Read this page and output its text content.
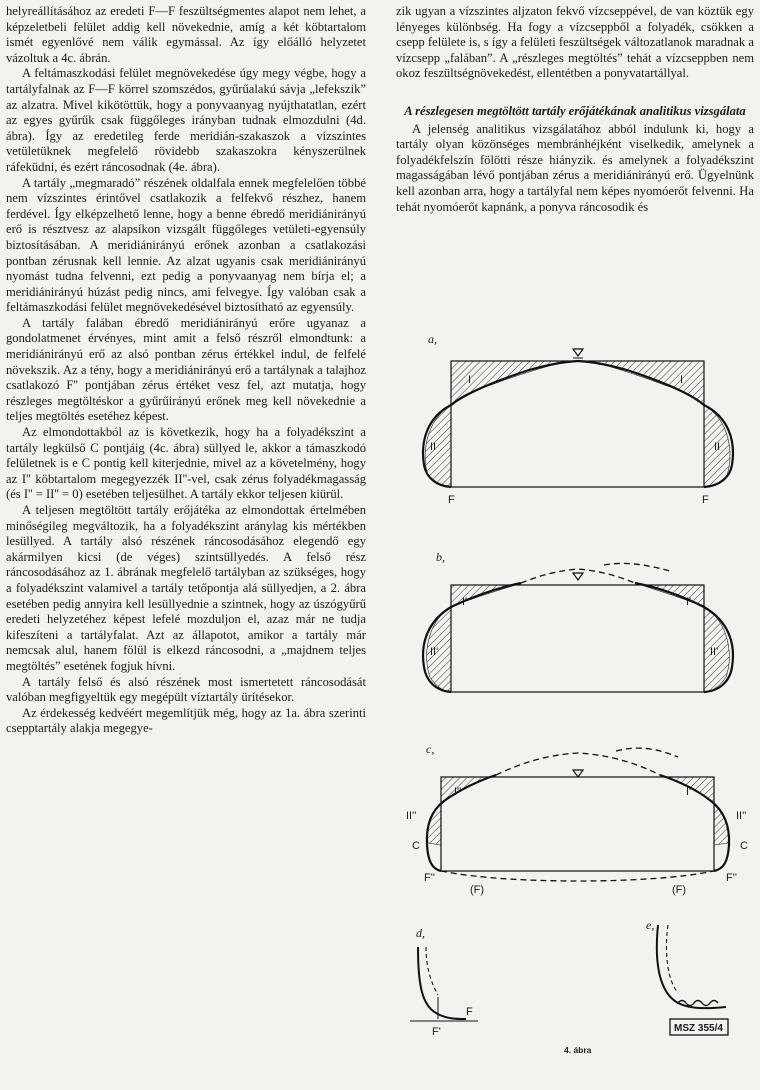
helyreállításához az eredeti F—F feszültségmentes alapot nem lehet, a képzeletbeli felület addig kell növekednie, amíg a két köbtartalom ismét egyenlővé nem válik egymással. Az így előálló helyzetet vázoltuk a 4c. ábrán.

A feltámaszkodási felület megnövekedése úgy megy végbe, hogy a tartályfalnak az F—F körrel szomszédos, gyűrűalakú sávja „lefekszik” az alzatra. Mivel kikötöttük, hogy a ponyvaanyag nyújthatatlan, ezért az egyes gyűrűk csak függőleges irányban tudnak elmozdulni (4d. ábra). Így az eredetileg ferde meridián-szakaszok a vízszintes vetületüknek megfelelő rövidebb szakaszokra kényszerülnek ráfeküdni, és ezért ráncosodnak (4e. ábra).

A tartály „megmaradó” részének oldalfala ennek megfelelően többé nem vízszintes érintővel csatlakozik a felfekvő részhez, hanem ferdével. Így elképzelhető lenne, hogy a benne ébredő meridiánirányú erő is résztvesz az alapsíkon vizsgált függőleges vetületi-egyensúly biztosításában. A meridiánirányú erőnek azonban a csatlakozási pontban zérusnak kell lennie. Az alzat ugyanis csak meridiánirányú nyomást tudna felvenni, ezt pedig a ponyvaanyag nem bírja el; a meridiánirányú húzást pedig nincs, ami felvegye. Így valóban csak a feltámaszkodási felület megnövekedésével biztosítható az egyensúly.

A tartály falában ébredő meridiánirányú erőre ugyanaz a gondolatmenet érvényes, mint amit a felső részről elmondtunk: a meridiánirányú erő az alsó pontban zérus értékkel indul, de felfelé növekszik. Az a tény, hogy a meridiánirányú erő a tartálynak a talajhoz csatlakozó F'' pontjában zérus értéket vesz fel, azt mutatja, hogy részleges megtöltéskor a gyűrűirányú erőnek meg kell növekednie a teljes megtöltés esetéhez képest.

Az elmondottakból az is következik, hogy ha a folyadékszint a tartály legkülső C pontjáig (4c. ábra) süllyed le, akkor a támaszkodó felületnek is e C pontig kell kiterjednie, mivel az a követelmény, hogy az I'' köbtartalom megegyezzék II''-vel, csak zérus folyadékmagasság (és I'' = II'' = 0) esetében teljesülhet. A tartály ekkor teljesen kiürül.

A teljesen megtöltött tartály erőjátéka az elmondottak értelmében minőségileg megváltozik, ha a folyadékszint aránylag kis mértékben lesüllyed. A tartály alsó részének ráncosodásához elegendő egy akármilyen kicsi (de véges) szintsüllyedés. A felső rész ráncosodásához az 1. ábrának megfelelő tartályban az szükséges, hogy a folyadékszint valamivel a tartály tetőpontja alá süllyedjen, a 2. ábra esetében pedig annyira kell lesüllyednie a szintnek, hogy az úszógyűrű eredeti helyzetéhez képest lefelé mozduljon el, azaz már ne tudja kifeszíteni a tartályfalat. Azt az állapotot, amikor a tartály már nemcsak alul, hanem fölül is elkezd ráncosodni, a „majdnem teljes megtöltés” esetének fogjuk hívni.

A tartály felső és alsó részének most ismertetett ráncosodását valóban megfigyeltük egy megépült víztartály ürítésekor.

Az érdekesség kedvéért megemlítjük még, hogy az 1a. ábra szerinti csepptartály alakja megegye-

zik ugyan a vízszintes aljzaton fekvő vízcseppével, de van köztük egy lényeges különbség. Ha fogy a vízcseppből a folyadék, csökken a csepp felülete is, s így a felületi feszültségek változatlanok maradnak a vízcsepp „falában”. A „részleges megtöltés” tehát a vízcseppben nem okoz feszültségnövekedést, ellentétben a ponyvatartállyal.

A részlegesen megtöltött tartály erőjátékának analitikus vizsgálata

A jelenség analitikus vizsgálatához abból indulunk ki, hogy a tartály olyan közönséges membránhéjként viselkedik, amelynek a folyadékfelszín fölötti része hiányzik. és amelynek a folyadékszint magasságában lévő pontjában zérus a meridiánirányú erő. Ügyelnünk kell azonban arra, hogy a tartályfal nem képes nyomóerőt felvenni. Ha tehát nyomóerőt kapnánk, a ponyva ráncosodik és

a,
I	I
II	II
F	F
b,
I'	I'
II'	II'
c,
I''	I''
II''	II''
C	C
F''	F''
(F)	(F)
d,
F
F'
e,
MSZ 355/4
4. ábra
